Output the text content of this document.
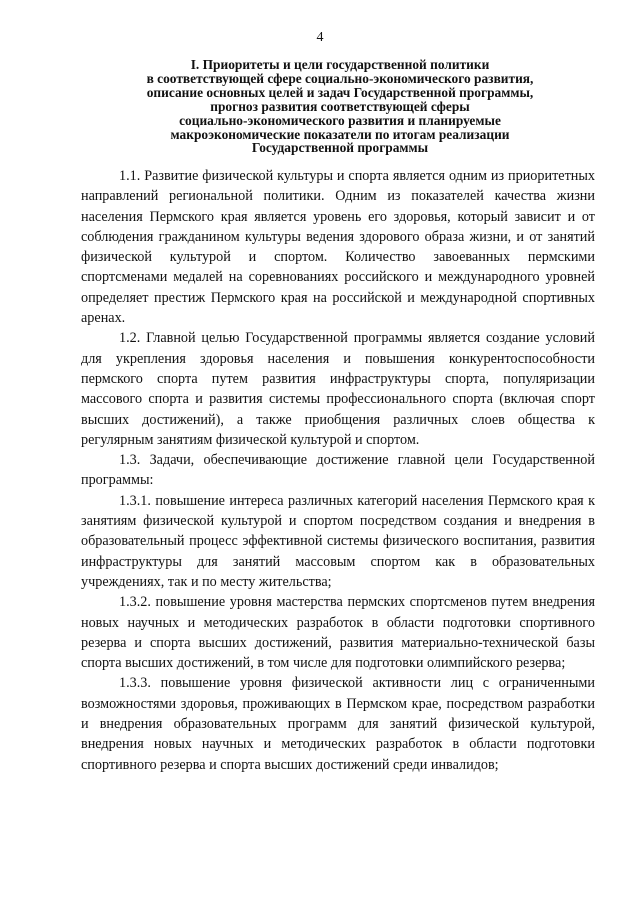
4
I. Приоритеты и цели государственной политики
в соответствующей сфере социально-экономического развития,
описание основных целей и задач Государственной программы,
прогноз развития соответствующей сферы
социально-экономического развития и планируемые
макроэкономические показатели по итогам реализации
Государственной программы

1.1. Развитие физической культуры и спорта является одним из приоритетных направлений региональной политики. Одним из показателей качества жизни населения Пермского края является уровень его здоровья, который зависит и от соблюдения гражданином культуры ведения здорового образа жизни, и от занятий физической культурой и спортом. Количество завоеванных пермскими спортсменами медалей на соревнованиях российского и международного уровней определяет престиж Пермского края на российской и международной спортивных аренах.

1.2. Главной целью Государственной программы является создание условий для укрепления здоровья населения и повышения конкурентоспособности пермского спорта путем развития инфраструктуры спорта, популяризации массового спорта и развития системы профессионального спорта (включая спорт высших достижений), а также приобщения различных слоев общества к регулярным занятиям физической культурой и спортом.

1.3. Задачи, обеспечивающие достижение главной цели Государственной программы:

1.3.1. повышение интереса различных категорий населения Пермского края к занятиям физической культурой и спортом посредством создания и внедрения в образовательный процесс эффективной системы физического воспитания, развития инфраструктуры для занятий массовым спортом как в образовательных учреждениях, так и по месту жительства;

1.3.2. повышение уровня мастерства пермских спортсменов путем внедрения новых научных и методических разработок в области подготовки спортивного резерва и спорта высших достижений, развития материально-технической базы спорта высших достижений, в том числе для подготовки олимпийского резерва;

1.3.3. повышение уровня физической активности лиц с ограниченными возможностями здоровья, проживающих в Пермском крае, посредством разработки и внедрения образовательных программ для занятий физической культурой, внедрения новых научных и методических разработок в области подготовки спортивного резерва и спорта высших достижений среди инвалидов;
